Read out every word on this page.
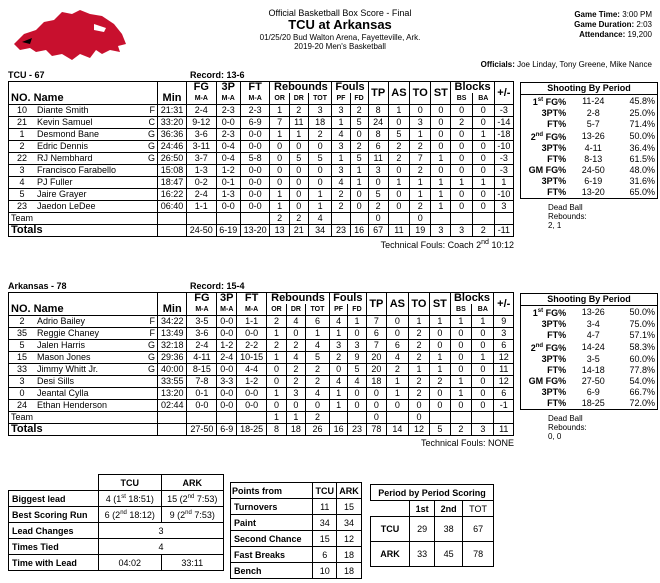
Official Basketball Box Score - Final
TCU at Arkansas
01/25/20 Bud Walton Arena, Fayetteville, Ark.
2019-20 Men's Basketball
Game Time: 3:00 PM
Game Duration: 2:03
Attendance: 19,200
Officials: Joe Linday, Tony Greene, Mike Nance
TCU - 67	Record: 13-6
			FG	3P	FT	Rebounds			Fouls		TP	AS	TO	ST	Blocks		+/-
NO. Name		Min	M-A	M-A	M-A	OR	DR	TOT	PF	FD					BS	BA	
10	Diante Smith F	21:31	2-4	2-3	2-3	1	2	3	3	2	8	1	0	0	0	0	-3
21	Kevin Samuel C	33:20	9-12	0-0	6-9	7	11	18	1	5	24	0	3	0	2	0	-14
1	Desmond Bane G	36:36	3-6	2-3	0-0	1	1	2	4	0	8	5	1	0	0	1	-18
2	Edric Dennis G	24:46	3-11	0-4	0-0	0	0	0	3	2	6	2	2	0	0	0	-10
22	RJ Nembhard G	26:50	3-7	0-4	5-8	0	5	5	1	5	11	2	7	1	0	0	-3
3	Francisco Farabello	15:08	1-3	1-2	0-0	0	0	0	3	1	3	0	2	0	0	0	-3
4	PJ Fuller	18:47	0-2	0-1	0-0	0	0	0	4	1	0	1	1	1	1	1	1
5	Jaire Grayer	16:22	2-4	1-3	0-0	1	0	1	2	0	5	0	1	1	0	0	-10
23	Jaedon LeDee	06:40	1-1	0-0	0-0	1	0	1	2	0	2	0	2	1	0	0	3
Team						2	2	4			0		0				
Totals			24-50	6-19	13-20	13	21	34	23	16	67	11	19	3	3	2	-11
Technical Fouls: Coach 2nd 10:12
Shooting By Period		
1st FG%	11-24	45.8%
3PT%	2-8	25.0%
FT%	5-7	71.4%
2nd FG%	13-26	50.0%
3PT%	4-11	36.4%
FT%	8-13	61.5%
GM FG%	24-50	48.0%
3PT%	6-19	31.6%
FT%	13-20	65.0%
Dead Ball Rebounds: 2, 1
Arkansas - 78	Record: 15-4
			FG	3P	FT	Rebounds			Fouls		TP	AS	TO	ST	Blocks		+/-
NO. Name		Min	M-A	M-A	M-A	OR	DR	TOT	PF	FD					BS	BA	
2	Adrio Bailey F	34:22	3-5	0-0	1-1	2	4	6	4	1	7	0	1	1	1	1	9
35	Reggie Chaney F	13:49	3-6	0-0	0-0	1	0	1	1	0	6	0	2	0	0	0	3
5	Jalen Harris G	32:18	2-4	1-2	2-2	2	2	4	3	3	7	6	2	0	0	0	6
15	Mason Jones G	29:36	4-11	2-4	10-15	1	4	5	2	9	20	4	2	1	0	1	12
33	Jimmy Whitt Jr. G	40:00	8-15	0-0	4-4	0	2	2	0	5	20	2	1	1	0	0	11
3	Desi Sills	33:55	7-8	3-3	1-2	0	2	2	4	4	18	1	2	2	1	0	12
0	Jeantal Cylla	13:20	0-1	0-0	0-0	1	3	4	1	0	0	1	2	0	1	0	6
24	Ethan Henderson	02:44	0-0	0-0	0-0	0	0	0	1	0	0	0	0	0	0	0	-1
Team						1	1	2			0		0				
Totals			27-50	6-9	18-25	8	18	26	16	23	78	14	12	5	2	3	11
Technical Fouls: NONE
Shooting By Period		
1st FG%	13-26	50.0%
3PT%	3-4	75.0%
FT%	4-7	57.1%
2nd FG%	14-24	58.3%
3PT%	3-5	60.0%
FT%	14-18	77.8%
GM FG%	27-50	54.0%
3PT%	6-9	66.7%
FT%	18-25	72.0%
Dead Ball Rebounds: 0, 0
	TCU	ARK
Biggest lead	4 (1st 18:51)	15 (2nd 7:53)
Best Scoring Run	6 (2nd 18:12)	9 (2nd 7:53)
Lead Changes	3	
Times Tied	4	
Time with Lead	04:02	33:11
Points from	TCU	ARK
Turnovers	11	15
Paint	34	34
Second Chance	15	12
Fast Breaks	6	18
Bench	10	18
Period by Period Scoring			
	1st	2nd	TOT
TCU	29	38	67
ARK	33	45	78
